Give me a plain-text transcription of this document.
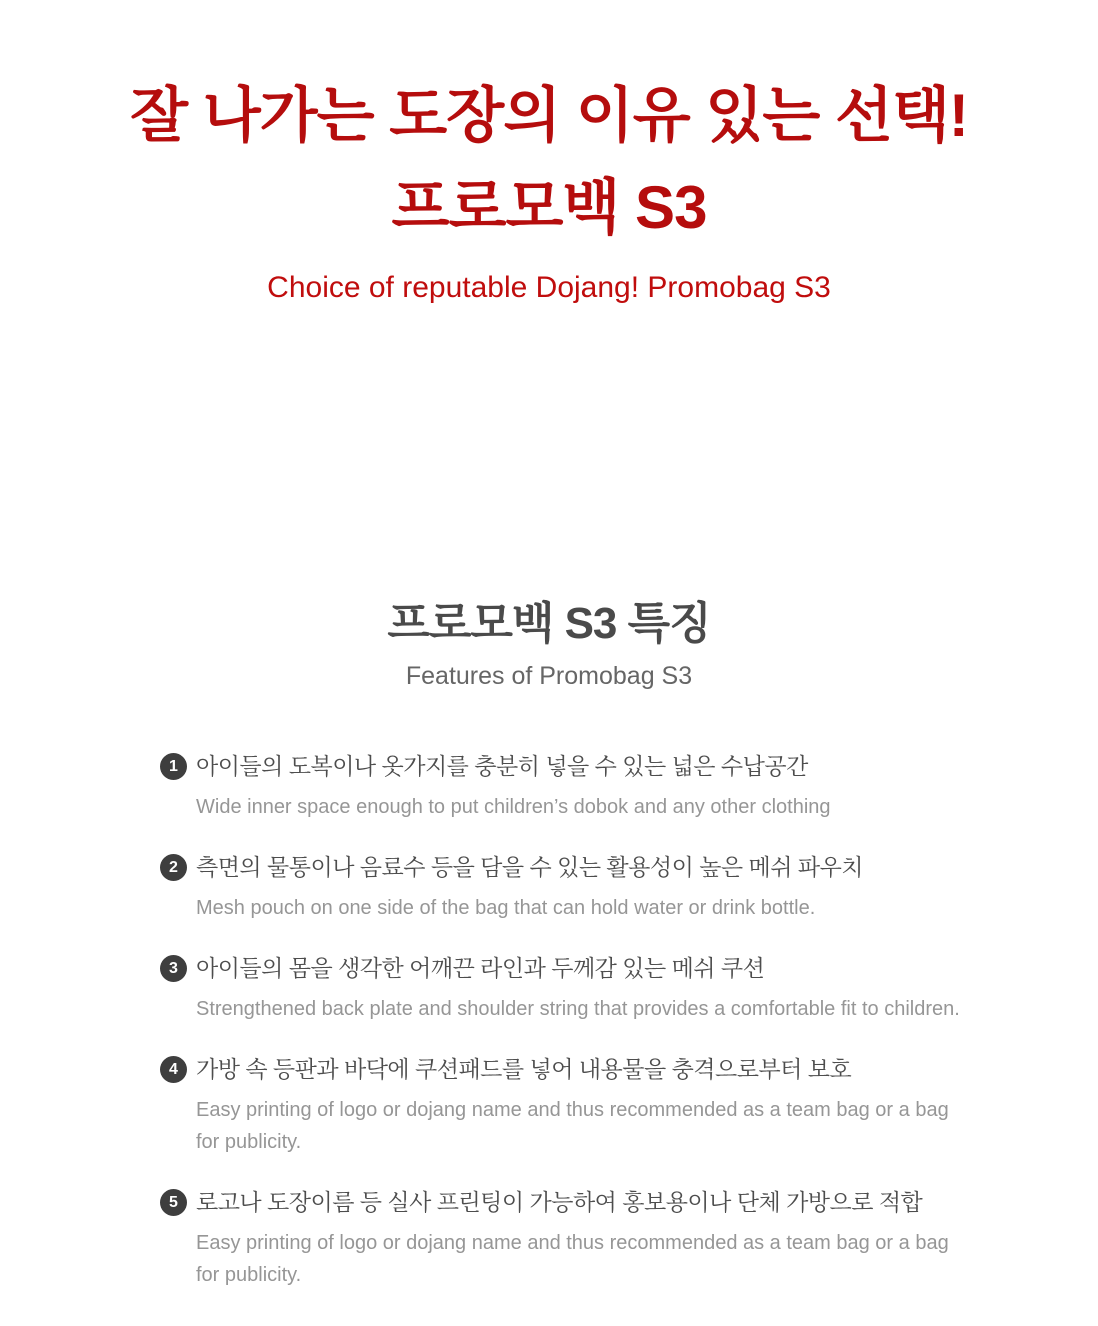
잘 나가는 도장의 이유 있는 선택!
프로모백 S3
Choice of reputable Dojang! Promobag S3
프로모백 S3 특징
Features of Promobag S3
1 아이들의 도복이나 옷가지를 충분히 넣을 수 있는 넓은 수납공간
Wide inner space enough to put children’s dobok and any other clothing
2 측면의 물통이나 음료수 등을 담을 수 있는 활용성이 높은 메쉬 파우치
Mesh pouch on one side of the bag that can hold water or drink bottle.
3 아이들의 몸을 생각한 어깨끈 라인과 두께감 있는 메쉬 쿠션
Strengthened back plate and shoulder string that provides a comfortable fit to children.
4 가방 속 등판과 바닥에 쿠션패드를 넣어 내용물을 충격으로부터 보호
Easy printing of logo or dojang name and thus recommended as a team bag or a bag for publicity.
5 로고나 도장이름 등 실사 프린팅이 가능하여 홍보용이나 단체 가방으로 적합
Easy printing of logo or dojang name and thus recommended as a team bag or a bag for publicity.
